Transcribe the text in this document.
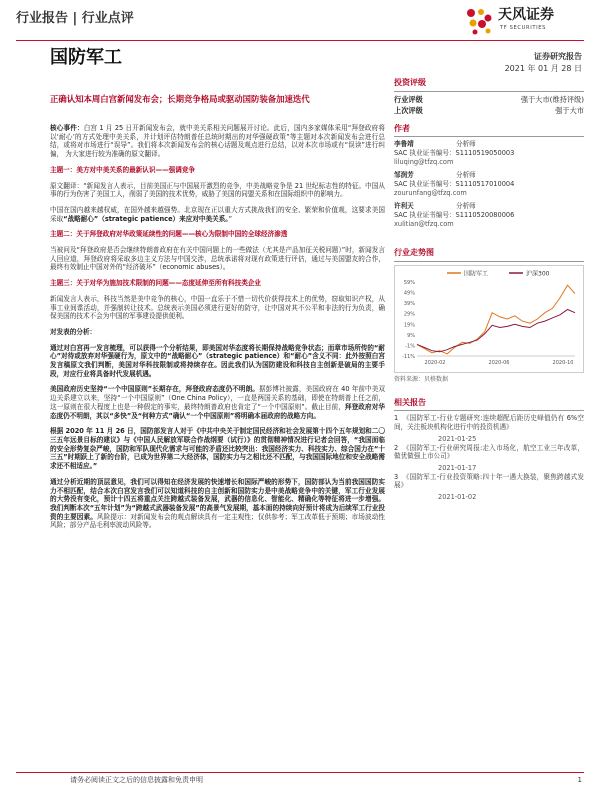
行业报告 | 行业点评	天风证券
TF SECURITIES
国防军工	证券研究报告
2021 年 01 月 28 日
正确认知本周白宫新闻发布会；长期竞争格局或驱动国防装备加速迭代

核心事件：白宫 1 月 25 日开新闻发布会，就中美关系相关问题展开讨论。此后，国内多家媒体采用“拜登政府将以‘耐心’的方式处理中美关系，并计划评估特朗普任总统时期出的对华强硬政策”等主题对本次新闻发布会进行总结，或将对市场进行“误导”。我们将本次新闻发布会的核心话题及观点进行总结，以对本次市场或有“误读”进行纠偏， 为大家进行较为准确的原文翻译。

主题一：美方对中美关系的最新认识——强调竞争

原文翻译：“新闻发言人表示，目前美国正与中国展开激烈的竞争，中美战略竞争是 21 世纪标志性的特征。中国从事的行为伤害了美国工人，削弱了美国的技术优势，威胁了美国的同盟关系和在国际组织中的影响力。

中国在国内越来越权威，在国外越来越强势。北京现在正以重大方式挑战我们的安全、繁荣和价值观，这要求美国采取“战略耐心”（strategic patience）来应对中美关系。”

主题二：关于拜登政府对华政策延续性的问题——核心为限制中国的全球经济渗透

当被问及“拜登政府是否会继续特朗普政府在有关中国问题上的一些做法（尤其是产品加征关税问题）”时，新闻发言人回应道，拜登政府将采取多边主义方法与中国交涉，总统承诺将对现有政策进行评估，通过与美国盟友的合作，最终有效制止中国对外的“经济破坏”（economic abuses）。

主题三：关于对华为施加技术限制的问题——态度延伸至所有科技类企业

新闻发言人表示，科技当然是美中竞争的核心，中国一直乐于不惜一切代价获得技术上的优势，窃取知识产权，从事工业间谍活动，并强制转让技术。总统表示美国必须进行更好的防守，让中国对其不公平和非法的行为负责，确保美国的技术不会为中国的军事建设提供便利。

对发表的分析：

通过对白宫再一发言梳理，可以获得一个分析结果，即美国对华态度将长期保持战略竞争状态；而章市场所传的“耐心”对待或放弃对华强硬行为，原文中的“战略耐心”（strategic patience）和“耐心”含义不同：此外按照白宫发言稿原文我们判断，美国对华科技限制或将持续存在。因此我们认为国防建设和科技自主创新是破局的主要手段，对应行业将具备时代发展机遇。

美国政府历史坚持“一个中国原则”长期存在，拜登政府态度仍不明朗。据彭博社披露，美国政府在 40 年前中美双边关系建立以来，坚持“一个中国原则”（One China Policy），一直是两国关系的基础，即使在特朗普上任之前，这一原则在很大程度上也是一种假定的事实，最终特朗普政府也肯定了“一个中国原则”。截止目前，拜登政府对华态度仍不明朗，其以“多快”及“何种方式”确认“一个中国原则”将明确本届政府的战略方向。

根据 2020 年 11 月 26 日，国防部发言人对于《中共中央关于制定国民经济和社会发展第十四个五年规划和二〇三五年远景目标的建议》与《中国人民解放军联合作战纲要（试行）》的贯彻精神情况进行记者会回答，“我国面临的安全形势复杂严峻，国防和军队现代化需求与可能的矛盾还比较突出：我国经济实力、科技实力、综合国力在“十三五”时期跃上了新的台阶，已成为世界第二大经济体，国防实力与之相比还不匹配，与我国国际地位和安全战略需求还不相适应。”

通过分析近期的顶层意见，我们可以得知在经济发展的快速增长和国际严峻的形势下，国防部认为当前我国国防实力不相匹配，结合本次白宫发言我们可以知道科技的自主创新和国防实力是中美战略竞争中的关键，军工行业发展的大势没有变化，预计十四五将重点关注跨越式装备发展，武器的信息化、智能化、精确化等特征将进一步增强。我们判断本次“五年计划”为“跨越式武器装备发展”的高景气发展期，基本面的持续向好预计将成为后续军工行业投资的主要因素。风险提示：对新闻发布会的观点解读具有一定主观性；仅供参考；军工改革低于预期；市场波动性风险；部分产品毛利率波动风险等。

投资评级
行业评级	强于大市(维持评级)
上次评级	强于大市
作者
李鲁靖	分析师
SAC 执业证书编号：S1110519050003
liluqing@tfzq.com
邹润芳	分析师
SAC 执业证书编号：S1110517010004
zourunfang@tfzq.com
许利天	分析师
SAC 执业证书编号：S1110520080006
xulitian@tfzq.com
行业走势图
国防军工	沪深300
59%
49%
39%
29%
19%
9%
-1%
-11%
2020-02	2020-06	2020-10
资料来源：贝格数据
相关报告
1 《国防军工-行业专题研究:连续超配后距历史峰值仍有 6%空间，关注板块机构化进行中的投资机遇》
2021-01-25
2 《国防军工-行业研究周报:走入市场化，航空工业三年改革，做优做强上市公司》
2021-01-17
3 《国防军工-行业投资策略:四十年一遇大换装，聚焦跨越式发展》
2021-01-02
请务必阅读正文之后的信息披露和免责申明	1
